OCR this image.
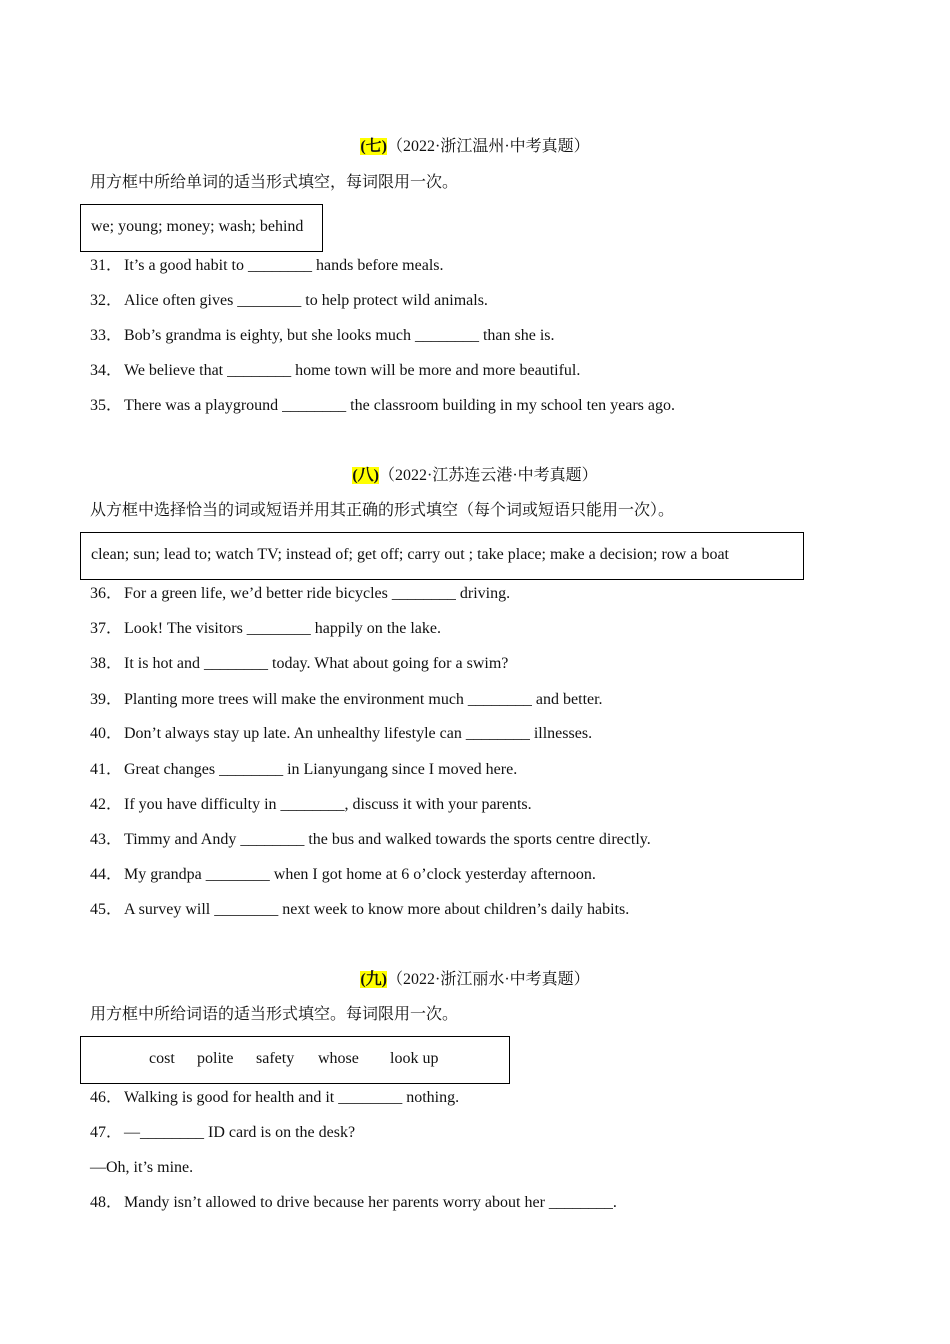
(七)（2022·浙江温州·中考真题）
用方框中所给单词的适当形式填空，每词限用一次。
we; young; money; wash; behind
31． It’s a good habit to ________ hands before meals.
32． Alice often gives ________ to help protect wild animals.
33． Bob’s grandma is eighty, but she looks much ________ than she is.
34． We believe that ________ home town will be more and more beautiful.
35． There was a playground ________ the classroom building in my school ten years ago.
(八)（2022·江苏连云港·中考真题）
从方框中选择恰当的词或短语并用其正确的形式填空（每个词或短语只能用一次）。
clean; sun; lead to; watch TV; instead of; get off; carry out ; take place; make a decision; row a boat
36． For a green life, we’d better ride bicycles ________ driving.
37． Look! The visitors ________ happily on the lake.
38． It is hot and ________ today. What about going for a swim?
39． Planting more trees will make the environment much ________ and better.
40． Don’t always stay up late. An unhealthy lifestyle can ________ illnesses.
41． Great changes ________ in Lianyungang since I moved here.
42． If you have difficulty in ________, discuss it with your parents.
43． Timmy and Andy ________ the bus and walked towards the sports centre directly.
44． My grandpa ________ when I got home at 6 o’clock yesterday afternoon.
45． A survey will ________ next week to know more about children’s daily habits.
(九)（2022·浙江丽水·中考真题）
用方框中所给词语的适当形式填空。每词限用一次。
cost polite safety whose look up
46． Walking is good for health and it ________ nothing.
47． —________ ID card is on the desk?
—Oh, it’s mine.
48． Mandy isn’t allowed to drive because her parents worry about her ________.
